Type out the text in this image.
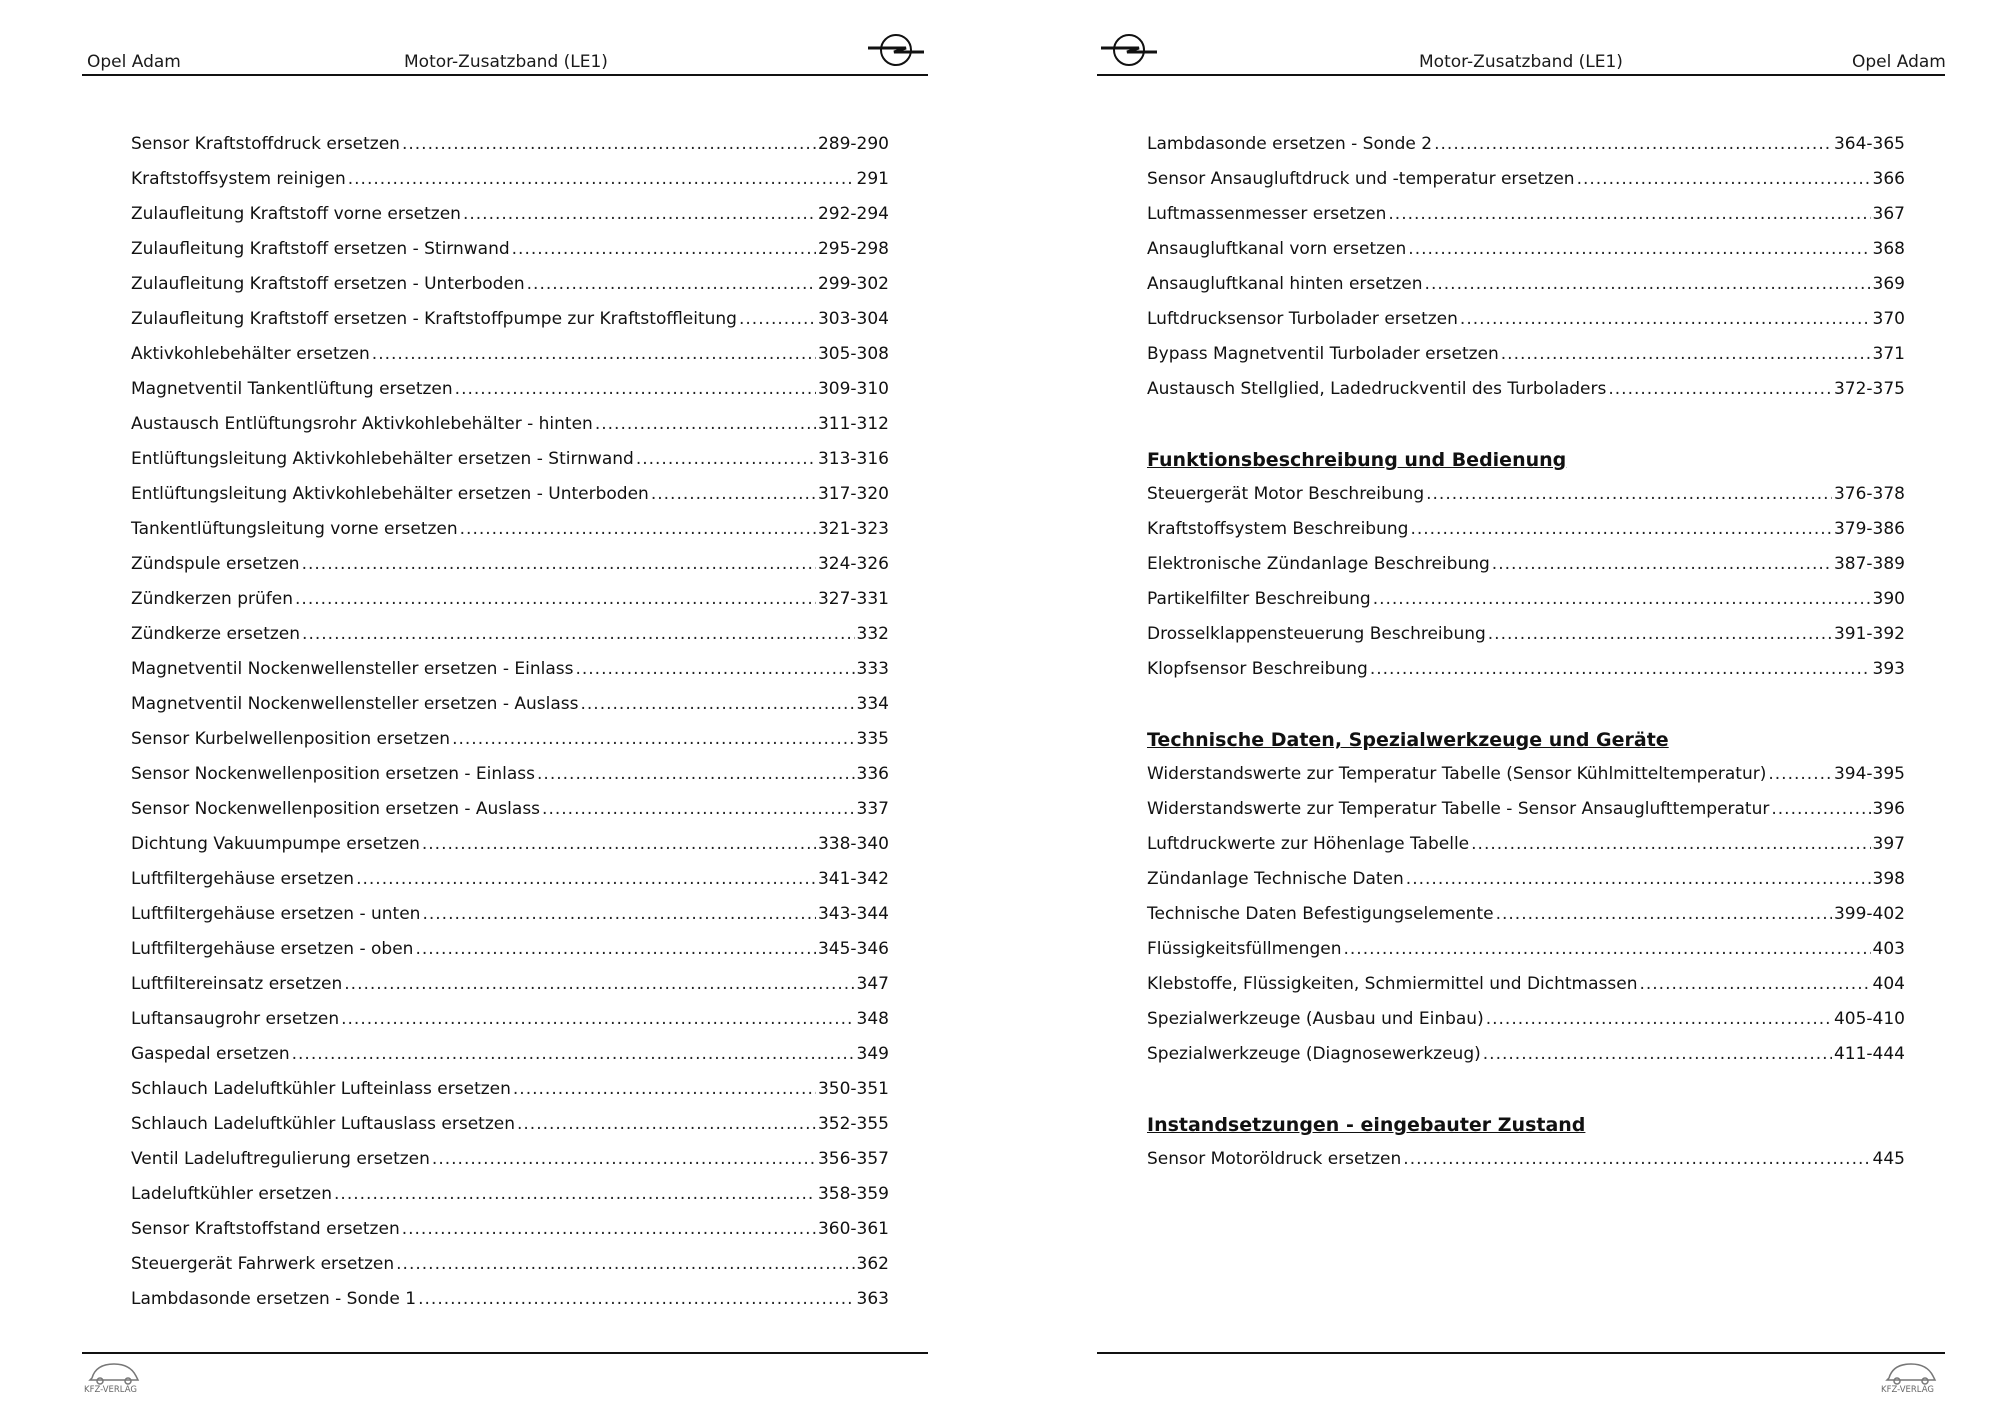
Opel Adam	Motor-Zusatzband (LE1)
Sensor Kraftstoffdruck ersetzen .....	289-290
Kraftstoffsystem reinigen .....	291
Zulaufleitung Kraftstoff vorne ersetzen .....	292-294
Zulaufleitung Kraftstoff ersetzen - Stirnwand .....	295-298
Zulaufleitung Kraftstoff ersetzen - Unterboden .....	299-302
Zulaufleitung Kraftstoff ersetzen - Kraftstoffpumpe zur Kraftstoffleitung .....	303-304
Aktivkohlebehälter ersetzen .....	305-308
Magnetventil Tankentlüftung ersetzen .....	309-310
Austausch Entlüftungsrohr Aktivkohlebehälter - hinten .....	311-312
Entlüftungsleitung Aktivkohlebehälter ersetzen - Stirnwand .....	313-316
Entlüftungsleitung Aktivkohlebehälter ersetzen - Unterboden .....	317-320
Tankentlüftungsleitung vorne ersetzen .....	321-323
Zündspule ersetzen .....	324-326
Zündkerzen prüfen .....	327-331
Zündkerze ersetzen .....	332
Magnetventil Nockenwellensteller ersetzen - Einlass .....	333
Magnetventil Nockenwellensteller ersetzen - Auslass .....	334
Sensor Kurbelwellenposition ersetzen .....	335
Sensor Nockenwellenposition ersetzen - Einlass .....	336
Sensor Nockenwellenposition ersetzen - Auslass .....	337
Dichtung Vakuumpumpe ersetzen .....	338-340
Luftfiltergehäuse ersetzen .....	341-342
Luftfiltergehäuse ersetzen - unten .....	343-344
Luftfiltergehäuse ersetzen - oben .....	345-346
Luftfiltereinsatz ersetzen .....	347
Luftansaugrohr ersetzen .....	348
Gaspedal ersetzen .....	349
Schlauch Ladeluftkühler Lufteinlass ersetzen .....	350-351
Schlauch Ladeluftkühler Luftauslass ersetzen .....	352-355
Ventil Ladeluftregulierung ersetzen .....	356-357
Ladeluftkühler ersetzen .....	358-359
Sensor Kraftstoffstand ersetzen .....	360-361
Steuergerät Fahrwerk ersetzen .....	362
Lambdasonde ersetzen - Sonde 1 .....	363
KFZ-VERLAG
Motor-Zusatzband (LE1)	Opel Adam
Lambdasonde ersetzen - Sonde 2 .....	364-365
Sensor Ansaugluftdruck und -temperatur ersetzen .....	366
Luftmassenmesser ersetzen .....	367
Ansaugluftkanal vorn ersetzen .....	368
Ansaugluftkanal hinten ersetzen .....	369
Luftdrucksensor Turbolader ersetzen .....	370
Bypass Magnetventil Turbolader ersetzen .....	371
Austausch Stellglied, Ladedruckventil des Turboladers .....	372-375
Funktionsbeschreibung und Bedienung
Steuergerät Motor Beschreibung .....	376-378
Kraftstoffsystem Beschreibung .....	379-386
Elektronische Zündanlage Beschreibung .....	387-389
Partikelfilter Beschreibung .....	390
Drosselklappensteuerung Beschreibung .....	391-392
Klopfsensor Beschreibung .....	393
Technische Daten, Spezialwerkzeuge und Geräte
Widerstandswerte zur Temperatur Tabelle (Sensor Kühlmitteltemperatur) .....	394-395
Widerstandswerte zur Temperatur Tabelle - Sensor Ansauglufttemperatur .....	396
Luftdruckwerte zur Höhenlage Tabelle .....	397
Zündanlage Technische Daten .....	398
Technische Daten Befestigungselemente .....	399-402
Flüssigkeitsfüllmengen .....	403
Klebstoffe, Flüssigkeiten, Schmiermittel und Dichtmassen .....	404
Spezialwerkzeuge (Ausbau und Einbau) .....	405-410
Spezialwerkzeuge (Diagnosewerkzeug) .....	411-444
Instandsetzungen - eingebauter Zustand
Sensor Motoröldruck ersetzen .....	445
KFZ-VERLAG
